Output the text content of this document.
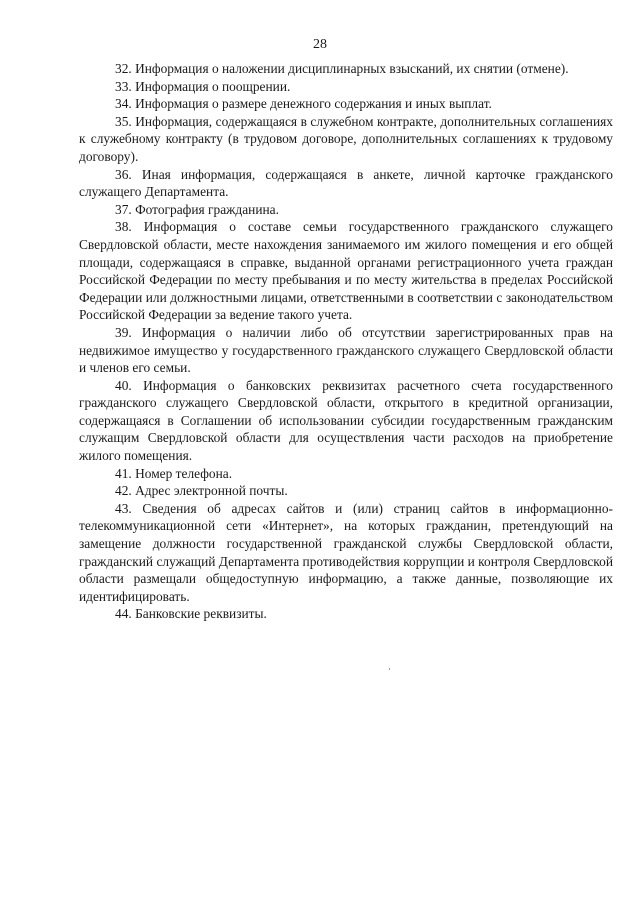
28

32. Информация о наложении дисциплинарных взысканий, их снятии (отмене).

33. Информация о поощрении.

34. Информация о размере денежного содержания и иных выплат.

35. Информация, содержащаяся в служебном контракте, дополнительных соглашениях к служебному контракту (в трудовом договоре, дополнительных соглашениях к трудовому договору).

36. Иная информация, содержащаяся в анкете, личной карточке гражданского служащего Департамента.

37. Фотография гражданина.

38. Информация о составе семьи государственного гражданского служащего Свердловской области, месте нахождения занимаемого им жилого помещения и его общей площади, содержащаяся в справке, выданной органами регистрационного учета граждан Российской Федерации по месту пребывания и по месту жительства в пределах Российской Федерации или должностными лицами, ответственными в соответствии с законодательством Российской Федерации за ведение такого учета.

39. Информация о наличии либо об отсутствии зарегистрированных прав на недвижимое имущество у государственного гражданского служащего Свердловской области и членов его семьи.

40. Информация о банковских реквизитах расчетного счета государственного гражданского служащего Свердловской области, открытого в кредитной организации, содержащаяся в Соглашении об использовании субсидии государственным гражданским служащим Свердловской области для осуществления части расходов на приобретение жилого помещения.

41. Номер телефона.

42. Адрес электронной почты.

43. Сведения об адресах сайтов и (или) страниц сайтов в информационно-телекоммуникационной сети «Интернет», на которых гражданин, претендующий на замещение должности государственной гражданской службы Свердловской области, гражданский служащий Департамента противодействия коррупции и контроля Свердловской области размещали общедоступную информацию, а также данные, позволяющие их идентифицировать.

44. Банковские реквизиты.
